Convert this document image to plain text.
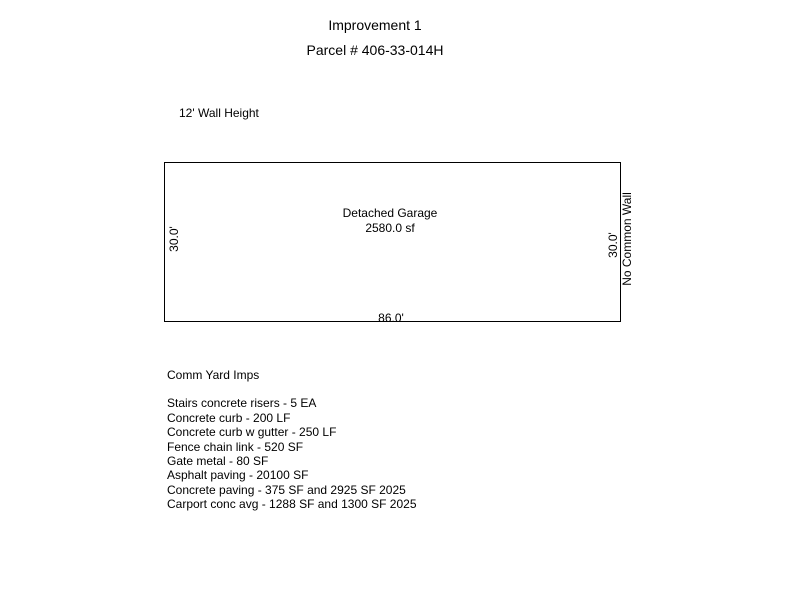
Improvement 1
Parcel # 406-33-014H
12' Wall Height
Detached Garage
2580.0 sf
30.0'	30.0' No Common Wall
86.0'
Comm Yard Imps
Stairs concrete risers - 5 EA
Concrete curb - 200 LF
Concrete curb w gutter - 250 LF
Fence chain link - 520 SF
Gate metal - 80 SF
Asphalt paving - 20100 SF
Concrete paving - 375 SF and 2925 SF 2025
Carport conc avg - 1288 SF and 1300 SF 2025
